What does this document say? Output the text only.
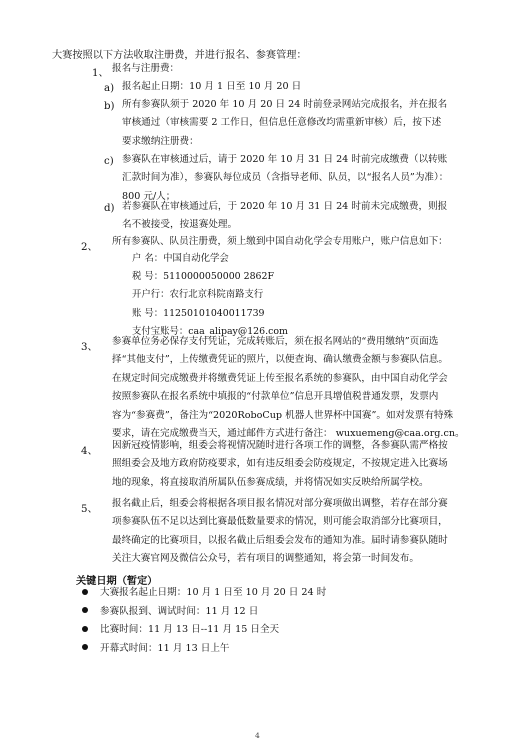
大赛按照以下方法收取注册费，并进行报名、参赛管理：
1、 报名与注册费：

a) 报名起止日期：10 月 1 日至 10 月 20 日

b) 所有参赛队须于 2020 年 10 月 20 日 24 时前登录网站完成报名，并在报名

审核通过（审核需要 2 工作日，但信息任意修改均需重新审核）后，按下述

要求缴纳注册费：

c) 参赛队在审核通过后，请于 2020 年 10 月 31 日 24 时前完成缴费（以转账

汇款时间为准），参赛队每位成员（含指导老师、队员，以“报名人员”为准）：

800 元/人；

d) 若参赛队在审核通过后，于 2020 年 10 月 31 日 24 时前未完成缴费，则报

名不被接受，按退赛处理。

2、

所有参赛队、队员注册费，须上缴到中国自动化学会专用账户，账户信息如下：

户 名：中国自动化学会

税 号：5110000050000 2862F

开户行：农行北京科院南路支行

账 号：11250101040011739

支付宝账号：caa_alipay@126.com

3、

参赛单位务必保存支付凭证，完成转账后，须在报名网站的“费用缴纳”页面选

择“其他支付”，上传缴费凭证的照片，以便查询、确认缴费金额与参赛队信息。

在规定时间完成缴费并将缴费凭证上传至报名系统的参赛队，由中国自动化学会

按照参赛队在报名系统中填报的“付款单位”信息开具增值税普通发票，发票内

容为“参赛费”，备注为“2020RoboCup 机器人世界杯中国赛”。如对发票有特殊

要求，请在完成缴费当天，通过邮件方式进行备注： wuxuemeng@caa.org.cn。

4、

因新冠疫情影响，组委会将视情况随时进行各项工作的调整，各参赛队需严格按

照组委会及地方政府防疫要求，如有违反组委会防疫规定，不按规定进入比赛场

地的现象，将直接取消所属队伍参赛成绩，并将情况如实反映给所属学校。

5、

报名截止后，组委会将根据各项目报名情况对部分赛项做出调整，若存在部分赛

项参赛队伍不足以达到比赛最低数量要求的情况，则可能会取消部分比赛项目，

最终确定的比赛项目，以报名截止后组委会发布的通知为准。届时请参赛队随时

关注大赛官网及微信公众号，若有项目的调整通知，将会第一时间发布。

关键日期（暂定）
大赛报名起止日期：10 月 1 日至 10 月 20 日 24 时
参赛队报到、调试时间：11 月 12 日
比赛时间：11 月 13 日--11 月 15 日全天
开幕式时间：11 月 13 日上午
4
